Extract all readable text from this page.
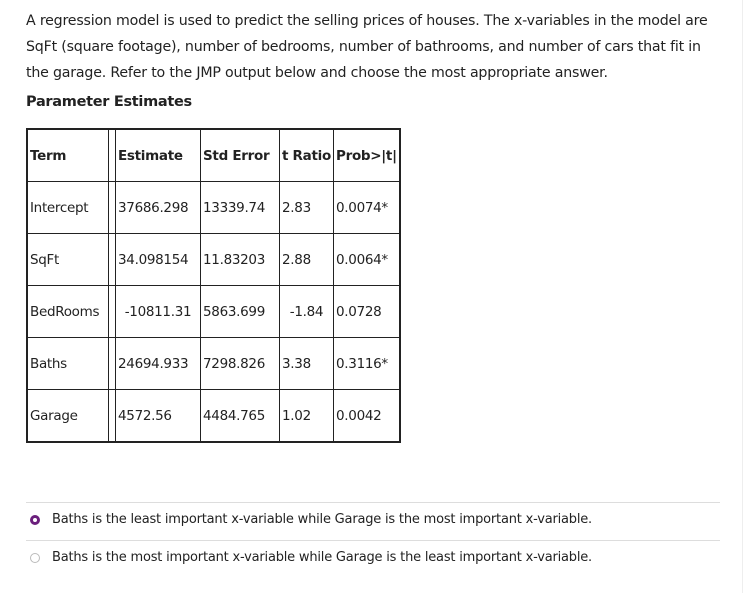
A regression model is used to predict the selling prices of houses. The x-variables in the model are SqFt (square footage), number of bedrooms, number of bathrooms, and number of cars that fit in the garage. Refer to the JMP output below and choose the most appropriate answer.
Parameter Estimates
Term		Estimate	Std Error	t Ratio	Prob>|t|
Intercept		37686.298	13339.74	2.83	0.0074*
SqFt		34.098154	11.83203	2.88	0.0064*
BedRooms		-10811.31	5863.699	-1.84	0.0728
Baths		24694.933	7298.826	3.38	0.3116*
Garage		4572.56	4484.765	1.02	0.0042
Baths is the least important x-variable while Garage is the most important x-variable.
Baths is the most important x-variable while Garage is the least important x-variable.
